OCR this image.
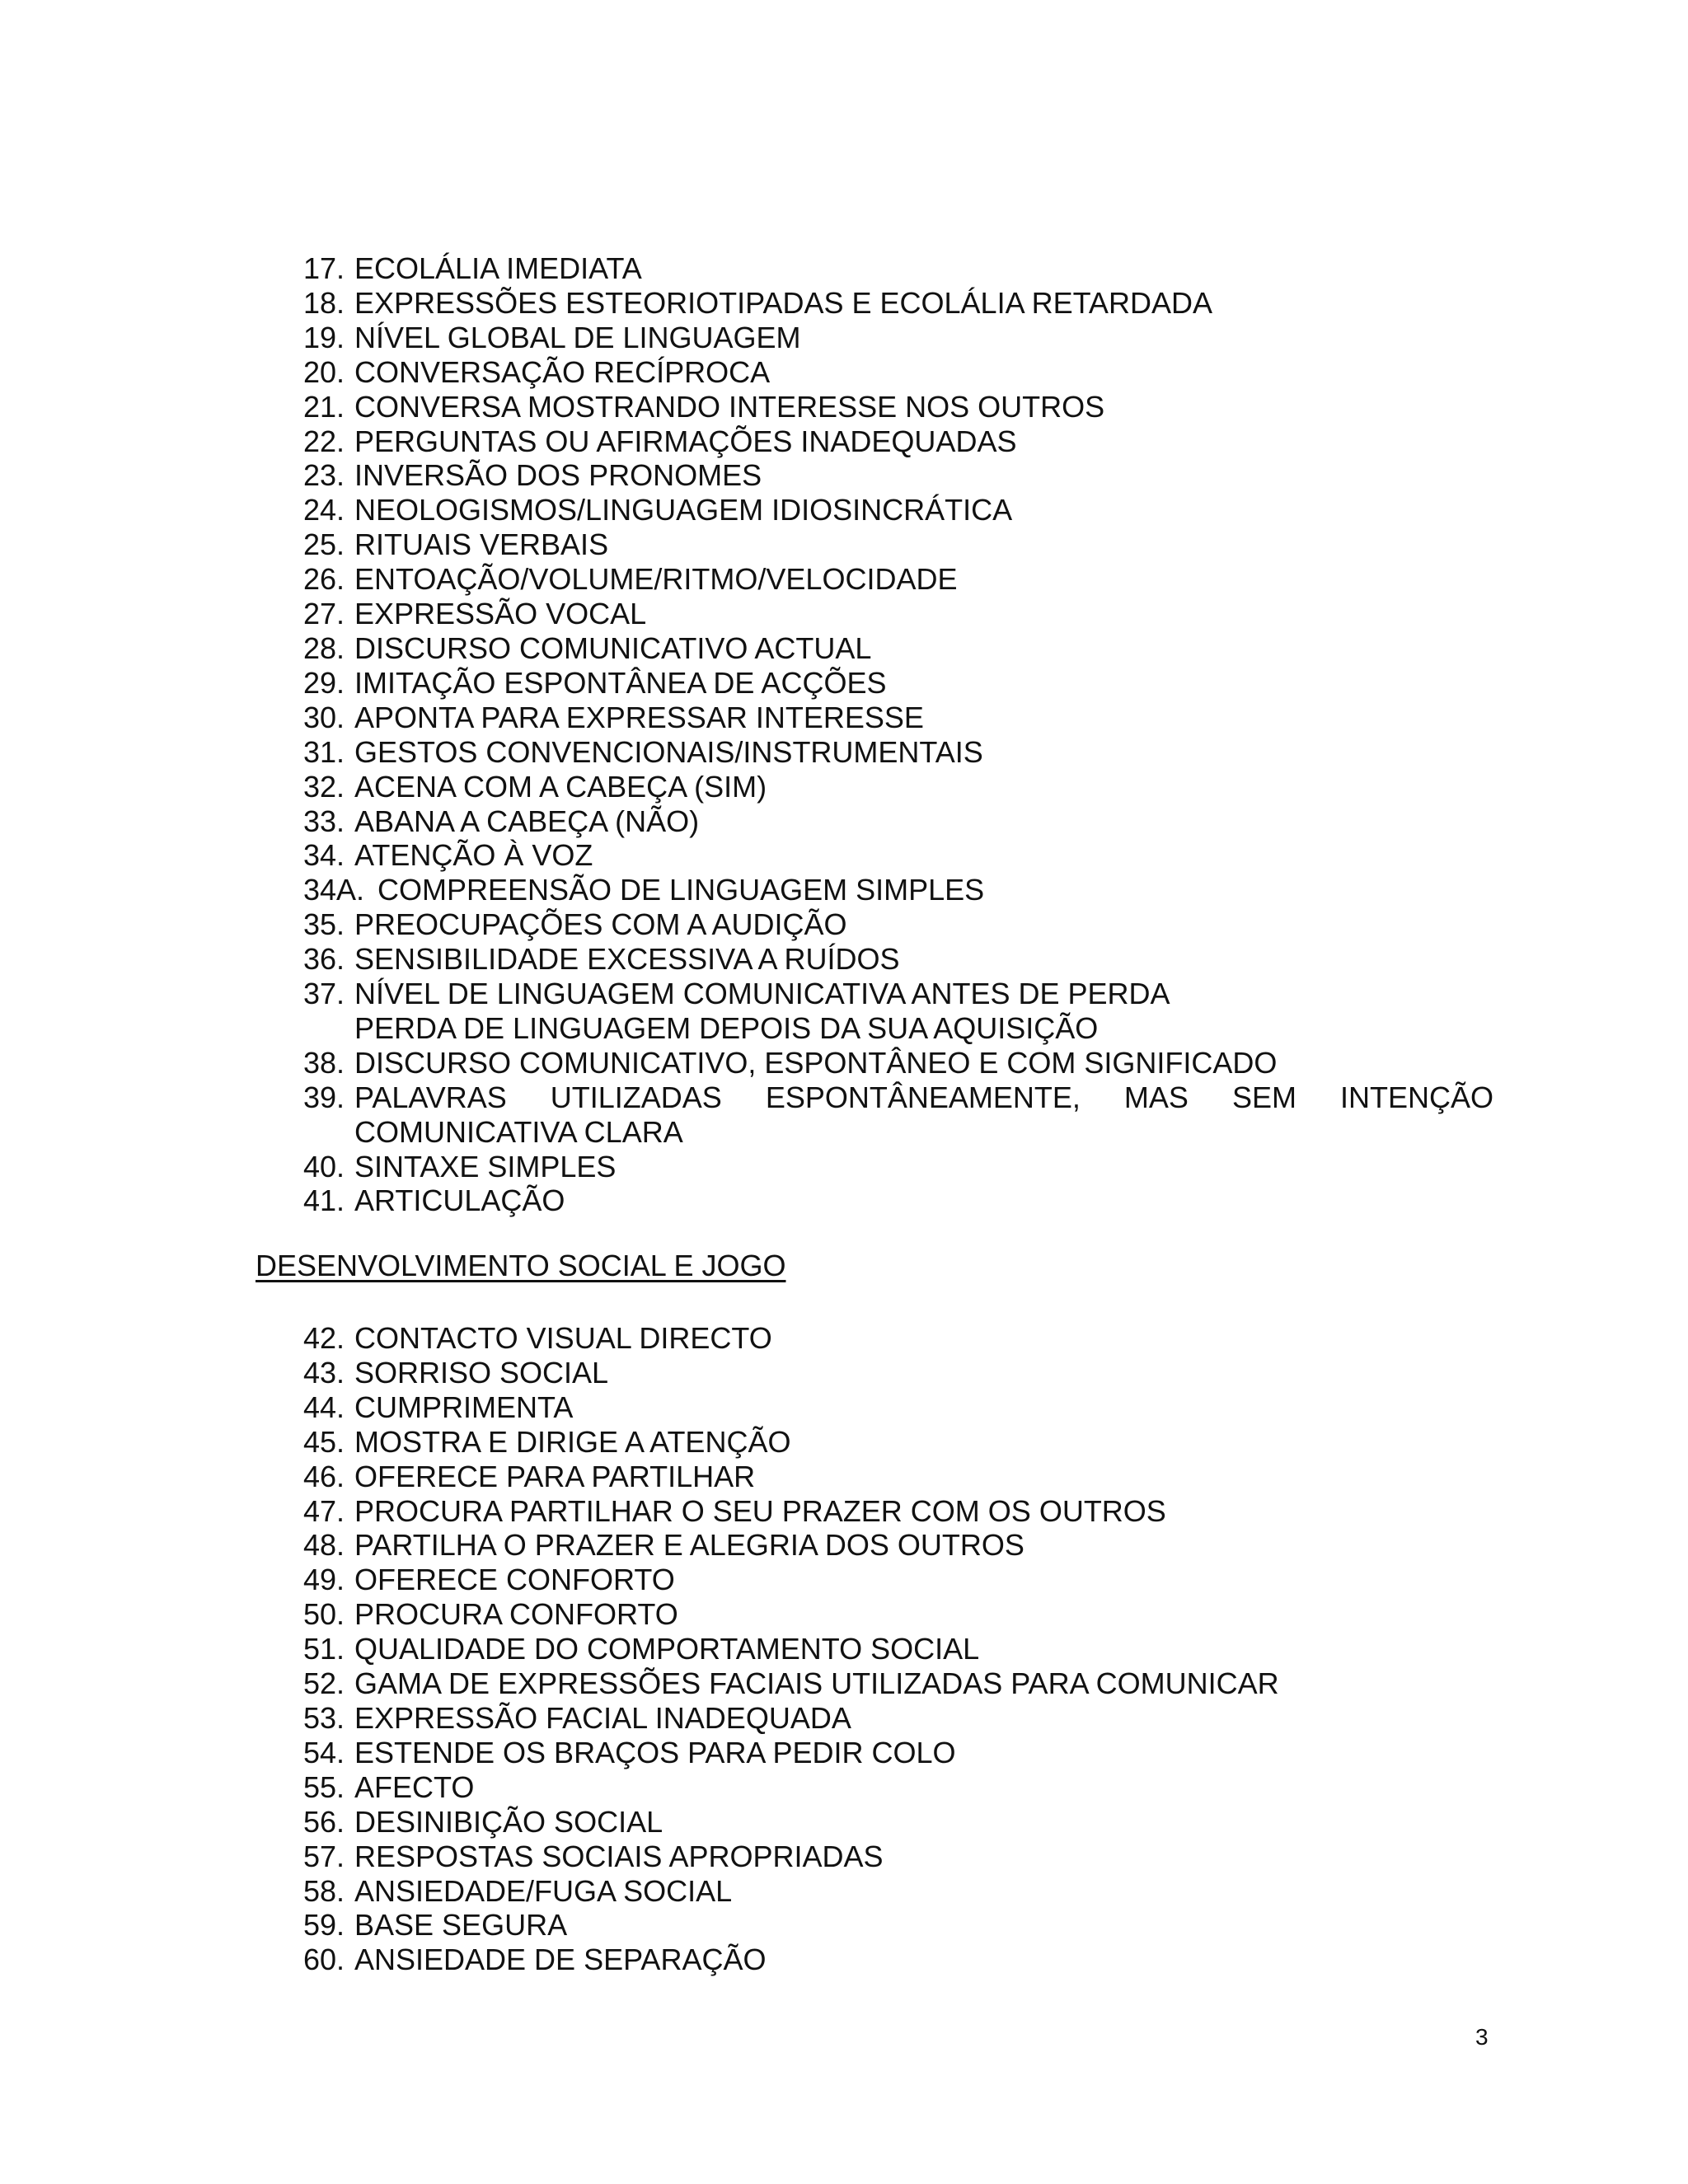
17. ECOLÁLIA IMEDIATA
18. EXPRESSÕES ESTEORIOTIPADAS E ECOLÁLIA RETARDADA
19. NÍVEL GLOBAL DE LINGUAGEM
20. CONVERSAÇÃO RECÍPROCA
21. CONVERSA MOSTRANDO INTERESSE NOS OUTROS
22. PERGUNTAS OU AFIRMAÇÕES INADEQUADAS
23. INVERSÃO DOS PRONOMES
24. NEOLOGISMOS/LINGUAGEM IDIOSINCRÁTICA
25. RITUAIS VERBAIS
26. ENTOAÇÃO/VOLUME/RITMO/VELOCIDADE
27. EXPRESSÃO VOCAL
28. DISCURSO COMUNICATIVO ACTUAL
29. IMITAÇÃO ESPONTÂNEA DE ACÇÕES
30. APONTA PARA EXPRESSAR INTERESSE
31. GESTOS CONVENCIONAIS/INSTRUMENTAIS
32. ACENA COM A CABEÇA (SIM)
33. ABANA A CABEÇA (NÃO)
34. ATENÇÃO À VOZ
34A. COMPREENSÃO DE LINGUAGEM SIMPLES
35. PREOCUPAÇÕES COM A AUDIÇÃO
36. SENSIBILIDADE EXCESSIVA A RUÍDOS
37. NÍVEL DE LINGUAGEM COMUNICATIVA ANTES DE PERDA
PERDA DE LINGUAGEM DEPOIS DA SUA AQUISIÇÃO
38. DISCURSO COMUNICATIVO, ESPONTÂNEO E COM SIGNIFICADO
39. PALAVRAS UTILIZADAS ESPONTÂNEAMENTE, MAS SEM INTENÇÃO
COMUNICATIVA CLARA
40. SINTAXE SIMPLES
41. ARTICULAÇÃO
DESENVOLVIMENTO SOCIAL E JOGO
42. CONTACTO VISUAL DIRECTO
43. SORRISO SOCIAL
44. CUMPRIMENTA
45. MOSTRA E DIRIGE A ATENÇÃO
46. OFERECE PARA PARTILHAR
47. PROCURA PARTILHAR O SEU PRAZER COM OS OUTROS
48. PARTILHA O PRAZER E ALEGRIA DOS OUTROS
49. OFERECE CONFORTO
50. PROCURA CONFORTO
51. QUALIDADE DO COMPORTAMENTO SOCIAL
52. GAMA DE EXPRESSÕES FACIAIS UTILIZADAS PARA COMUNICAR
53. EXPRESSÃO FACIAL INADEQUADA
54. ESTENDE OS BRAÇOS PARA PEDIR COLO
55. AFECTO
56. DESINIBIÇÃO SOCIAL
57. RESPOSTAS SOCIAIS APROPRIADAS
58. ANSIEDADE/FUGA SOCIAL
59. BASE SEGURA
60. ANSIEDADE DE SEPARAÇÃO
3
